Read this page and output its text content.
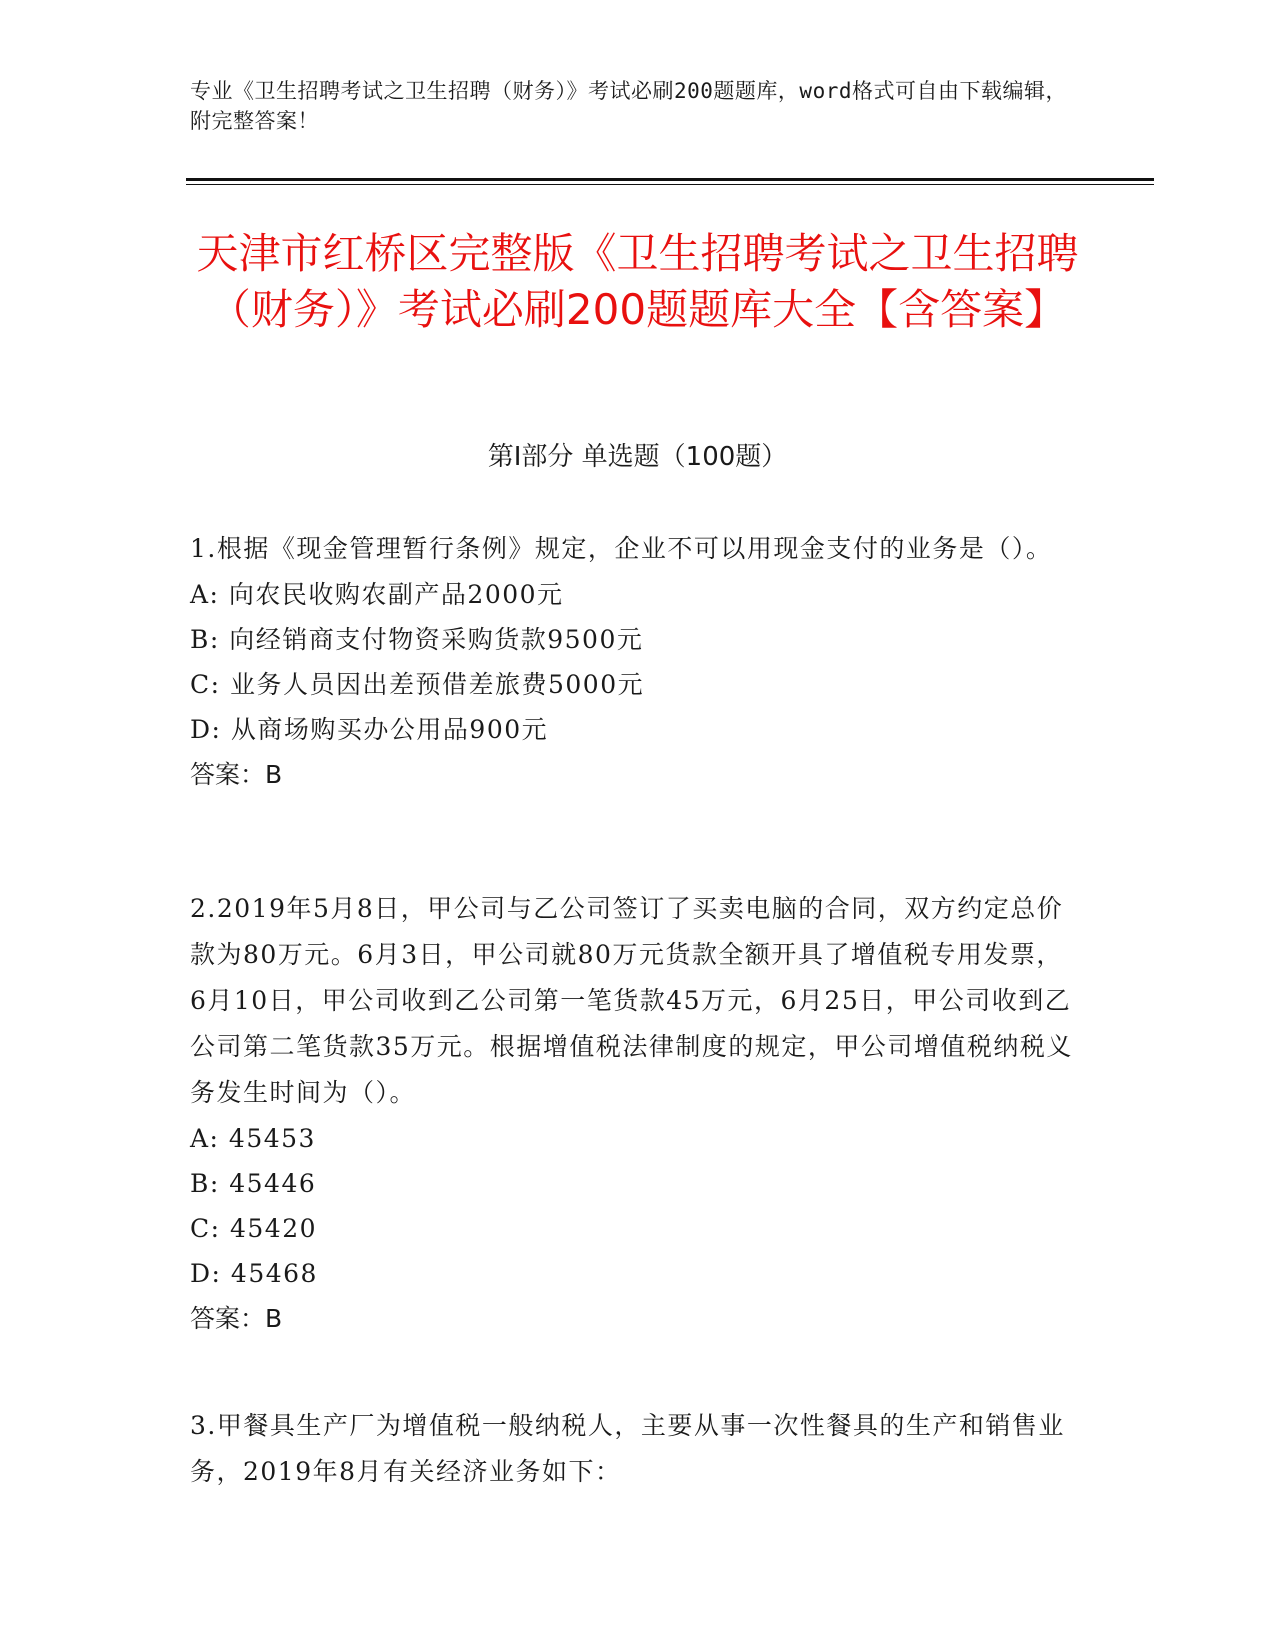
专业《卫生招聘考试之卫生招聘（财务）》考试必刷200题题库，word格式可自由下载编辑，附完整答案！
天津市红桥区完整版《卫生招聘考试之卫生招聘（财务）》考试必刷200题题库大全【含答案】
第I部分 单选题（100题）
1.根据《现金管理暂行条例》规定，企业不可以用现金支付的业务是（）。
A: 向农民收购农副产品2000元
B: 向经销商支付物资采购货款9500元
C: 业务人员因出差预借差旅费5000元
D: 从商场购买办公用品900元
答案：B
2.2019年5月8日，甲公司与乙公司签订了买卖电脑的合同，双方约定总价款为80万元。6月3日，甲公司就80万元货款全额开具了增值税专用发票，6月10日，甲公司收到乙公司第一笔货款45万元，6月25日，甲公司收到乙公司第二笔货款35万元。根据增值税法律制度的规定，甲公司增值税纳税义务发生时间为（）。
A: 45453
B: 45446
C: 45420
D: 45468
答案：B
3.甲餐具生产厂为增值税一般纳税人，主要从事一次性餐具的生产和销售业务，2019年8月有关经济业务如下：
